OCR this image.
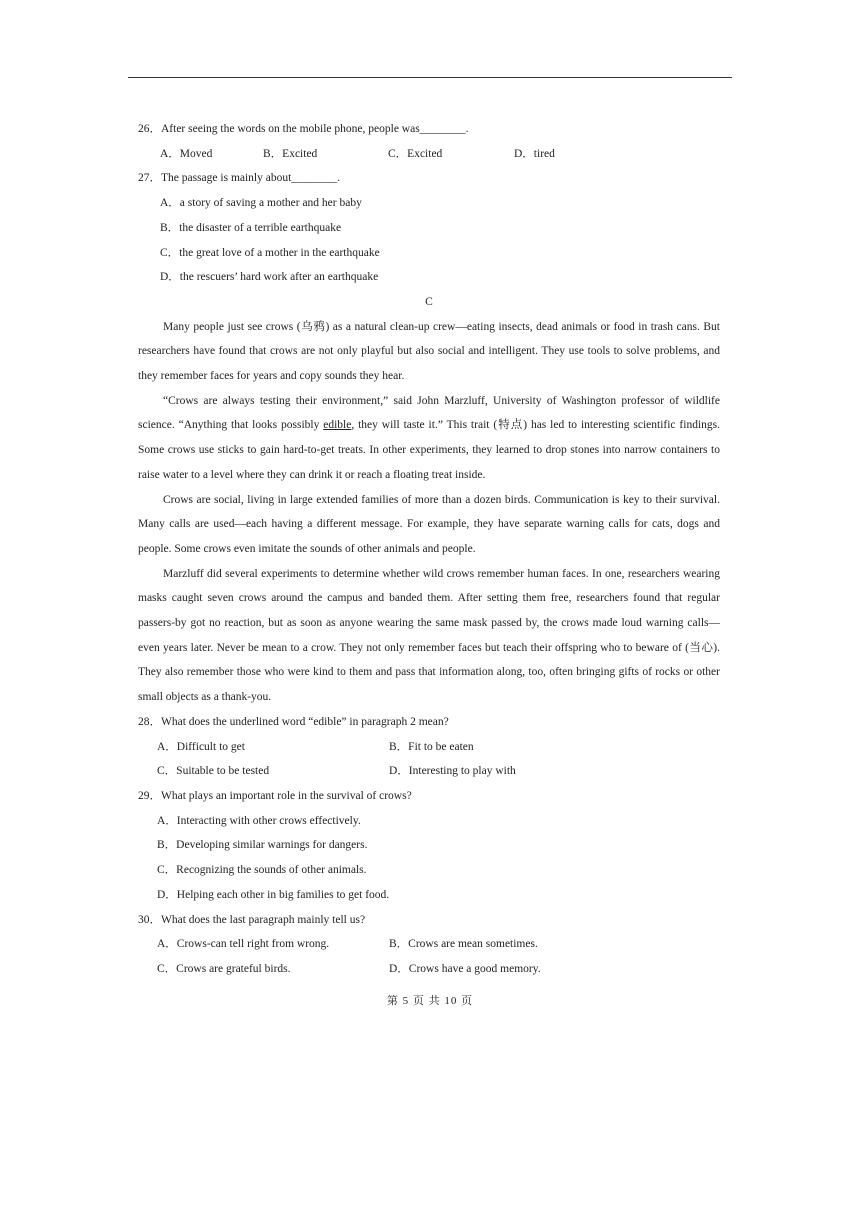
26．After seeing the words on the mobile phone, people was________.
A．Moved	B．Excited	C．Excited	D．tired
27．The passage is mainly about________.
A．a story of saving a mother and her baby
B．the disaster of a terrible earthquake
C．the great love of a mother in the earthquake
D．the rescuers’ hard work after an earthquake
C
Many people just see crows (乌鸦) as a natural clean-up crew—eating insects, dead animals or food in trash cans. But researchers have found that crows are not only playful but also social and intelligent. They use tools to solve problems, and they remember faces for years and copy sounds they hear.
“Crows are always testing their environment,” said John Marzluff, University of Washington professor of wildlife science. “Anything that looks possibly edible, they will taste it.” This trait (特点) has led to interesting scientific findings. Some crows use sticks to gain hard-to-get treats. In other experiments, they learned to drop stones into narrow containers to raise water to a level where they can drink it or reach a floating treat inside.
Crows are social, living in large extended families of more than a dozen birds. Communication is key to their survival. Many calls are used—each having a different message. For example, they have separate warning calls for cats, dogs and people. Some crows even imitate the sounds of other animals and people.
Marzluff did several experiments to determine whether wild crows remember human faces. In one, researchers wearing masks caught seven crows around the campus and banded them. After setting them free, researchers found that regular passers-by got no reaction, but as soon as anyone wearing the same mask passed by, the crows made loud warning calls—even years later. Never be mean to a crow. They not only remember faces but teach their offspring who to beware of (当心). They also remember those who were kind to them and pass that information along, too, often bringing gifts of rocks or other small objects as a thank-you.
28．What does the underlined word “edible” in paragraph 2 mean?
A．Difficult to get	B．Fit to be eaten
C．Suitable to be tested	D．Interesting to play with
29．What plays an important role in the survival of crows?
A．Interacting with other crows effectively.
B．Developing similar warnings for dangers.
C．Recognizing the sounds of other animals.
D．Helping each other in big families to get food.
30．What does the last paragraph mainly tell us?
A．Crows-can tell right from wrong.	B．Crows are mean sometimes.
C．Crows are grateful birds.	D．Crows have a good memory.
第 5 页 共 10 页
